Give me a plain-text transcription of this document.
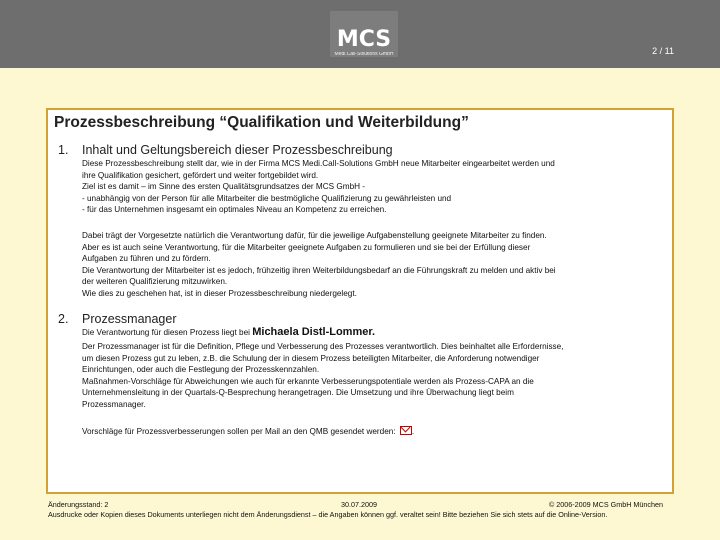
MCS
Medi.Call-Solutions GmbH	2 / 11
Prozessbeschreibung “Qualifikation und Weiterbildung”
1. Inhalt und Geltungsbereich dieser Prozessbeschreibung

Diese Prozessbeschreibung stellt dar, wie in der Firma MCS Medi.Call-Solutions GmbH neue Mitarbeiter eingearbeitet werden und

ihre Qualifikation gesichert, gefördert und weiter fortgebildet wird.

Ziel ist es damit – im Sinne des ersten Qualitätsgrundsatzes der MCS GmbH -

- unabhängig von der Person für alle Mitarbeiter die bestmögliche Qualifizierung zu gewährleisten und

- für das Unternehmen insgesamt ein optimales Niveau an Kompetenz zu erreichen.

Dabei trägt der Vorgesetzte natürlich die Verantwortung dafür, für die jeweilige Aufgabenstellung geeignete Mitarbeiter zu finden.

Aber es ist auch seine Verantwortung, für die Mitarbeiter geeignete Aufgaben zu formulieren und sie bei der Erfüllung dieser

Aufgaben zu führen und zu fördern.

Die Verantwortung der Mitarbeiter ist es jedoch, frühzeitig ihren Weiterbildungsbedarf an die Führungskraft zu melden und aktiv bei

der weiteren Qualifizierung mitzuwirken.

Wie dies zu geschehen hat, ist in dieser Prozessbeschreibung niedergelegt.

2. Prozessmanager

Die Verantwortung für diesen Prozess liegt bei Michaela Distl-Lommer.

Der Prozessmanager ist für die Definition, Pflege und Verbesserung des Prozesses verantwortlich. Dies beinhaltet alle Erfordernisse,

um diesen Prozess gut zu leben, z.B. die Schulung der in diesem Prozess beteiligten Mitarbeiter, die Anforderung notwendiger

Einrichtungen, oder auch die Festlegung der Prozesskennzahlen.

Maßnahmen-Vorschläge für Abweichungen wie auch für erkannte Verbesserungspotentiale werden als Prozess-CAPA an die

Unternehmensleitung in der Quartals-Q-Besprechung herangetragen. Die Umsetzung und ihre Überwachung liegt beim

Prozessmanager.

Vorschläge für Prozessverbesserungen sollen per Mail an den QMB gesendet werden: .

Änderungsstand: 2	30.07.2009	© 2006-2009 MCS GmbH München
Ausdrucke oder Kopien dieses Dokuments unterliegen nicht dem Änderungsdienst – die Angaben können ggf. veraltet sein! Bitte beziehen Sie sich stets auf die Online-Version.
